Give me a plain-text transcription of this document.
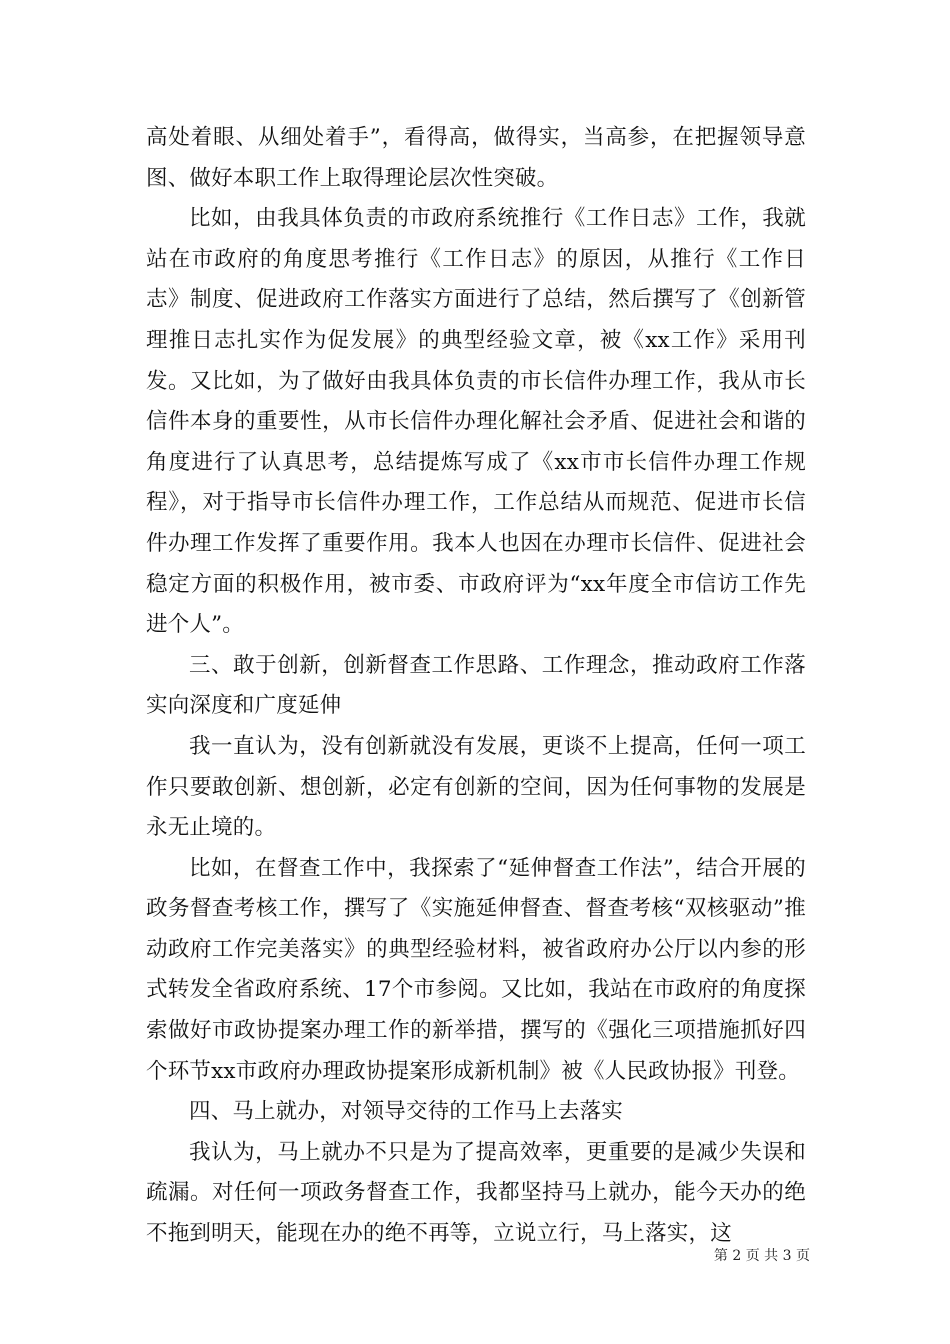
高处着眼、从细处着手”，看得高，做得实，当高参，在把握领导意图、做好本职工作上取得理论层次性突破。

比如，由我具体负责的市政府系统推行《工作日志》工作，我就站在市政府的角度思考推行《工作日志》的原因，从推行《工作日志》制度、促进政府工作落实方面进行了总结，然后撰写了《创新管理推日志扎实作为促发展》的典型经验文章，被《xx工作》采用刊发。又比如，为了做好由我具体负责的市长信件办理工作，我从市长信件本身的重要性，从市长信件办理化解社会矛盾、促进社会和谐的角度进行了认真思考，总结提炼写成了《xx市市长信件办理工作规程》，对于指导市长信件办理工作，工作总结从而规范、促进市长信件办理工作发挥了重要作用。我本人也因在办理市长信件、促进社会稳定方面的积极作用，被市委、市政府评为“xx年度全市信访工作先进个人”。

三、敢于创新，创新督查工作思路、工作理念，推动政府工作落实向深度和广度延伸

我一直认为，没有创新就没有发展，更谈不上提高，任何一项工作只要敢创新、想创新，必定有创新的空间，因为任何事物的发展是永无止境的。

比如，在督查工作中，我探索了“延伸督查工作法”，结合开展的政务督查考核工作，撰写了《实施延伸督查、督查考核“双核驱动”推动政府工作完美落实》的典型经验材料，被省政府办公厅以内参的形式转发全省政府系统、17个市参阅。又比如，我站在市政府的角度探索做好市政协提案办理工作的新举措，撰写的《强化三项措施抓好四个环节xx市政府办理政协提案形成新机制》被《人民政协报》刊登。

四、马上就办，对领导交待的工作马上去落实

我认为，马上就办不只是为了提高效率，更重要的是减少失误和疏漏。对任何一项政务督查工作，我都坚持马上就办，能今天办的绝不拖到明天，能现在办的绝不再等，立说立行，马上落实，这

第 2 页 共 3 页
